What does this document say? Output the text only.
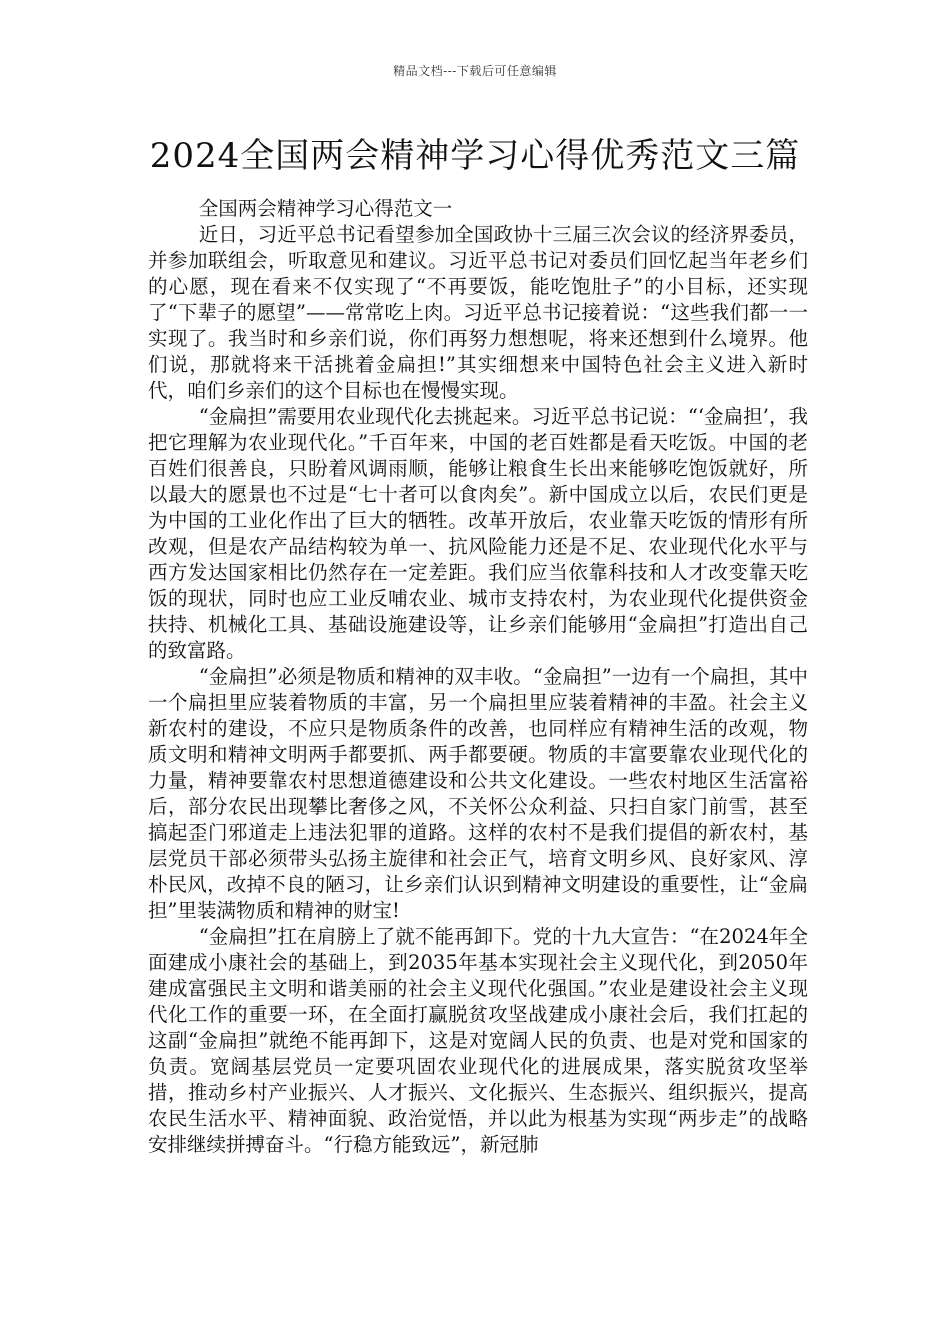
精品文档---下载后可任意编辑
2024全国两会精神学习心得优秀范文三篇

全国两会精神学习心得范文一

近日，习近平总书记看望参加全国政协十三届三次会议的经济界委员，并参加联组会，听取意见和建议。习近平总书记对委员们回忆起当年老乡们的心愿，现在看来不仅实现了“不再要饭，能吃饱肚子”的小目标，还实现了“下辈子的愿望”——常常吃上肉。习近平总书记接着说：“这些我们都一一实现了。我当时和乡亲们说，你们再努力想想呢，将来还想到什么境界。他们说，那就将来干活挑着金扁担!”其实细想来中国特色社会主义进入新时代，咱们乡亲们的这个目标也在慢慢实现。

“金扁担”需要用农业现代化去挑起来。习近平总书记说：“‘金扁担’，我把它理解为农业现代化。”千百年来，中国的老百姓都是看天吃饭。中国的老百姓们很善良，只盼着风调雨顺，能够让粮食生长出来能够吃饱饭就好，所以最大的愿景也不过是“七十者可以食肉矣”。新中国成立以后，农民们更是为中国的工业化作出了巨大的牺牲。改革开放后，农业靠天吃饭的情形有所改观，但是农产品结构较为单一、抗风险能力还是不足、农业现代化水平与西方发达国家相比仍然存在一定差距。我们应当依靠科技和人才改变靠天吃饭的现状，同时也应工业反哺农业、城市支持农村，为农业现代化提供资金扶持、机械化工具、基础设施建设等，让乡亲们能够用“金扁担”打造出自己的致富路。

“金扁担”必须是物质和精神的双丰收。“金扁担”一边有一个扁担，其中一个扁担里应装着物质的丰富，另一个扁担里应装着精神的丰盈。社会主义新农村的建设，不应只是物质条件的改善，也同样应有精神生活的改观，物质文明和精神文明两手都要抓、两手都要硬。物质的丰富要靠农业现代化的力量，精神要靠农村思想道德建设和公共文化建设。一些农村地区生活富裕后，部分农民出现攀比奢侈之风，不关怀公众利益、只扫自家门前雪，甚至搞起歪门邪道走上违法犯罪的道路。这样的农村不是我们提倡的新农村，基层党员干部必须带头弘扬主旋律和社会正气，培育文明乡风、良好家风、淳朴民风，改掉不良的陋习，让乡亲们认识到精神文明建设的重要性，让“金扁担”里装满物质和精神的财宝!

“金扁担”扛在肩膀上了就不能再卸下。党的十九大宣告：“在2024年全面建成小康社会的基础上，到2035年基本实现社会主义现代化，到2050年建成富强民主文明和谐美丽的社会主义现代化强国。”农业是建设社会主义现代化工作的重要一环，在全面打赢脱贫攻坚战建成小康社会后，我们扛起的这副“金扁担”就绝不能再卸下，这是对宽阔人民的负责、也是对党和国家的负责。宽阔基层党员一定要巩固农业现代化的进展成果，落实脱贫攻坚举措，推动乡村产业振兴、人才振兴、文化振兴、生态振兴、组织振兴，提高农民生活水平、精神面貌、政治觉悟，并以此为根基为实现“两步走”的战略安排继续拼搏奋斗。“行稳方能致远”，新冠肺
